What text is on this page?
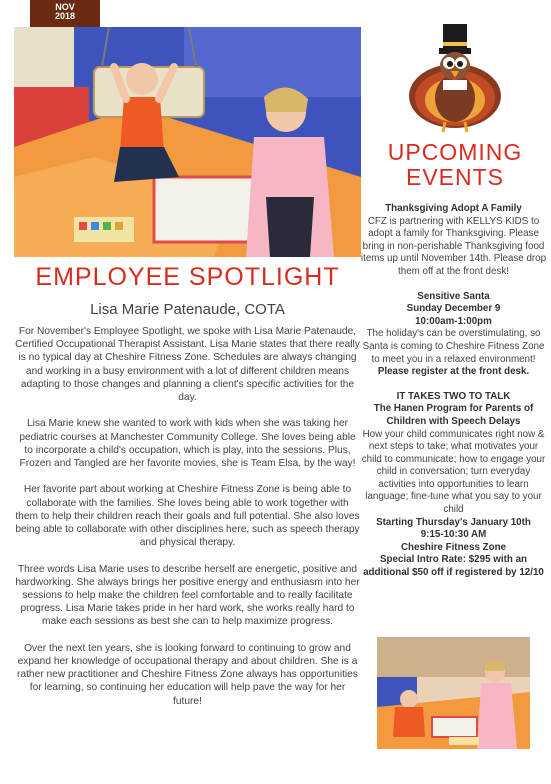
NOV
2018
EMPLOYEE SPOTLIGHT
Lisa Marie Patenaude, COTA

For November's Employee Spotlight, we spoke with Lisa Marie Patenaude, Certified Occupational Therapist Assistant. Lisa Marie states that there really is no typical day at Cheshire Fitness Zone. Schedules are always changing and working in a busy environment with a lot of different children means adapting to those changes and planning a client's specific activities for the day.

Lisa Marie knew she wanted to work with kids when she was taking her pediatric courses at Manchester Community College. She loves being able to incorporate a child's occupation, which is play, into the sessions. Plus, Frozen and Tangled are her favorite movies, she is Team Elsa, by the way!

Her favorite part about working at Cheshire Fitness Zone is being able to collaborate with the families. She loves being able to work together with them to help their children reach their goals and full potential. She also loves being able to collaborate with other disciplines here, such as speech therapy and physical therapy.

Three words Lisa Marie uses to describe herself are energetic, positive and hardworking. She always brings her positive energy and enthusiasm into her sessions to help make the children feel comfortable and to really facilitate progress. Lisa Marie takes pride in her hard work, she works really hard to make each sessions as best she can to help maximize progress.

Over the next ten years, she is looking forward to continuing to grow and expand her knowledge of occupational therapy and about children. She is a rather new practitioner and Cheshire Fitness Zone always has opportunities for learning, so continuing her education will help pave the way for her future!

UPCOMING
EVENTS
Thanksgiving Adopt A Family
CFZ is partnering with KELLYS KIDS to adopt a family for Thanksgiving. Please bring in non-perishable Thanksgiving food items up until November 14th. Please drop them off at the front desk!
Sensitive Santa
Sunday December 9
10:00am-1:00pm
The holiday's can be overstimulating, so Santa is coming to Cheshire Fitness Zone to meet you in a relaxed environment!
Please register at the front desk.
IT TAKES TWO TO TALK
The Hanen Program for Parents of Children with Speech Delays
How your child communicates right now & next steps to take; what motivates your child to communicate; how to engage your child in conversation; turn everyday activities into opportunities to learn language; fine-tune what you say to your child
Starting Thursday's January 10th
9:15-10:30 AM
Cheshire Fitness Zone
Special Intro Rate: $295 with an additional $50 off if registered by 12/10
